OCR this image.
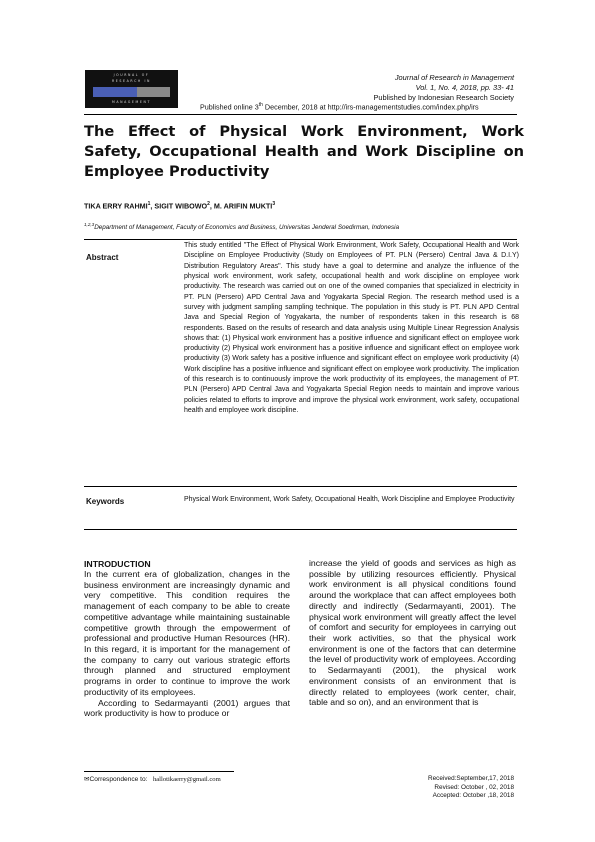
JOURNAL OF
RESEARCH IN
MANAGEMENT
Journal of Research in Management
Vol. 1, No. 4, 2018, pp. 33- 41
Published by Indonesian Research Society
Published online 3th December, 2018 at http://irs-managementstudies.com/index.php/irs
The Effect of Physical Work Environment, Work Safety, Occupational Health and Work Discipline on Employee Productivity
TIKA ERRY RAHMI$^1$, SIGIT WIBOWO$^2$, M. ARIFIN MUKTI$^3$
$^{1,2,3}$Department of Management, Faculty of Economics and Business, Universitas Jenderal Soedirman, Indonesia
Abstract
This study entitled "The Effect of Physical Work Environment, Work Safety, Occupational Health and Work Discipline on Employee Productivity (Study on Employees of PT. PLN (Persero) Central Java & D.I.Y) Distribution Regulatory Areas". This study have a goal to determine and analyze the influence of the physical work environment, work safety, occupational health and work discipline on employee work productivity. The research was carried out on one of the owned companies that specialized in electricity in PT. PLN (Persero) APD Central Java and Yogyakarta Special Region. The research method used is a survey with judgment sampling sampling technique. The population in this study is PT. PLN APD Central Java and Special Region of Yogyakarta, the number of respondents taken in this research is 68 respondents. Based on the results of research and data analysis using Multiple Linear Regression Analysis shows that: (1) Physical work environment has a positive influence and significant effect on employee work productivity (2) Physical work environment has a positive influence and significant effect on employee work productivity (3) Work safety has a positive influence and significant effect on employee work productivity (4) Work discipline has a positive influence and significant effect on employee work productivity. The implication of this research is to continuously improve the work productivity of its employees, the management of PT. PLN (Persero) APD Central Java and Yogyakarta Special Region needs to maintain and improve various policies related to efforts to improve and improve the physical work environment, work safety, occupational health and employee work discipline.
Keywords	Physical Work Environment, Work Safety, Occupational Health, Work Discipline and Employee Productivity
INTRODUCTION

In the current era of globalization, changes in the business environment are increasingly dynamic and very competitive. This condition requires the management of each company to be able to create competitive advantage while maintaining sustainable competitive growth through the empowerment of professional and productive Human Resources (HR). In this regard, it is important for the management of the company to carry out various strategic efforts through planned and structured employment programs in order to continue to improve the work productivity of its employees.

According to Sedarmayanti (2001) argues that work productivity is how to produce or

increase the yield of goods and services as high as possible by utilizing resources efficiently. Physical work environment is all physical conditions found around the workplace that can affect employees both directly and indirectly (Sedarmayanti, 2001). The physical work environment will greatly affect the level of comfort and security for employees in carrying out their work activities, so that the physical work environment is one of the factors that can determine the level of productivity work of employees. According to Sedarmayanti (2001), the physical work environment consists of an environment that is directly related to employees (work center, chair, table and so on), and an environment that is

✉Correspondence to: hallotikaerry@gmail.com	Received:September,17, 2018
Revised: October , 02, 2018
Accepted: October ,18, 2018
